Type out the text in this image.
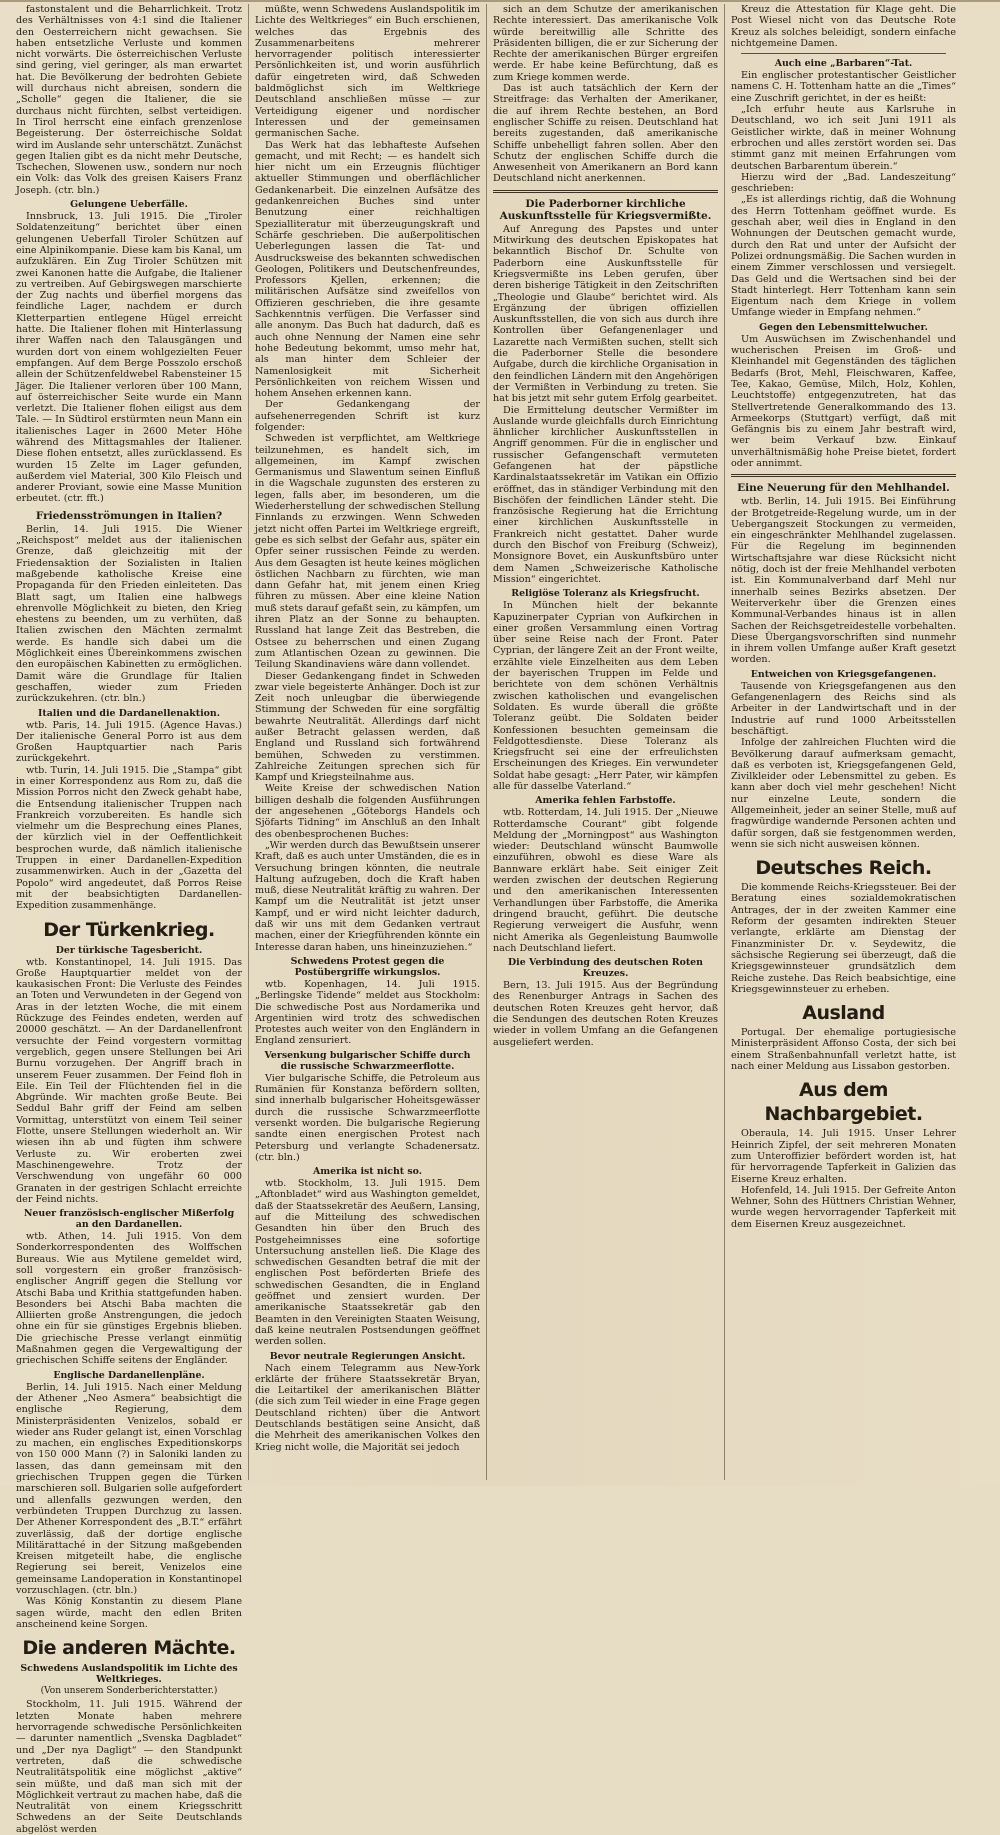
fastonstalent und die Beharrlichkeit. Trotz des Verhältnisses von 4:1 sind die Italiener den Oesterreichern nicht gewachsen. Sie haben entsetzliche Verluste und kommen nicht vorwärts. Die österreichischen Verluste sind gering, viel geringer, als man erwartet hat. Die Bevölkerung der bedrohten Gebiete will durchaus nicht abreisen, sondern die „Scholle“ gegen die Italiener, die sie durchaus nicht fürchten, selbst verteidigen. In Tirol herrscht eine einfach grenzenlose Begeisterung. Der österreichische Soldat wird im Auslande sehr unterschätzt. Zunächst gegen Italien gibt es da nicht mehr Deutsche, Tschechen, Slowenen usw., sondern nur noch ein Volk: das Volk des greisen Kaisers Franz Joseph. (ctr. bln.)

Gelungene Ueberfälle.

Innsbruck, 13. Juli 1915. Die „Tiroler Soldatenzeitung“ berichtet über einen gelungenen Ueberfall Tiroler Schützen auf eine Alpinikompanie. Diese kam bis Kanal, um aufzuklären. Ein Zug Tiroler Schützen mit zwei Kanonen hatte die Aufgabe, die Italiener zu vertreiben. Auf Gebirgswegen marschierte der Zug nachts und überfiel morgens das feindliche Lager, nachdem er durch Kletterpartien entlegene Hügel erreicht hatte. Die Italiener flohen mit Hinterlassung ihrer Waffen nach den Talausgängen und wurden dort von einem wohlgezielten Feuer empfangen. Auf dem Berge Posszolo erschoß allein der Schützenfeldwebel Rabensteiner 15 Jäger. Die Italiener verloren über 100 Mann, auf österreichischer Seite wurde ein Mann verletzt. Die Italiener flohen eiligst aus dem Tale. — In Südtirol erstürmten neun Mann ein italienisches Lager in 2600 Meter Höhe während des Mittagsmahles der Italiener. Diese flohen entsetzt, alles zurücklassend. Es wurden 15 Zelte im Lager gefunden, außerdem viel Material, 300 Kilo Fleisch und anderer Proviant, sowie eine Masse Munition erbeutet. (ctr. fft.)

Friedensströmungen in Italien?

Berlin, 14. Juli 1915. Die Wiener „Reichspost“ meldet aus der italienischen Grenze, daß gleichzeitig mit der Friedensaktion der Sozialisten in Italien maßgebende katholische Kreise eine Propaganda für den Frieden einleiteten. Das Blatt sagt, um Italien eine halbwegs ehrenvolle Möglichkeit zu bieten, den Krieg ehestens zu beenden, um zu verhüten, daß Italien zwischen den Mächten zermalmt werde. Es handle sich dabei um die Möglichkeit eines Übereinkommens zwischen den europäischen Kabinetten zu ermöglichen. Damit wäre die Grundlage für Italien geschaffen, wieder zum Frieden zurückzukehren. (ctr. bln.)

Italien und die Dardanellenaktion.

wtb. Paris, 14. Juli 1915. (Agence Havas.) Der italienische General Porro ist aus dem Großen Hauptquartier nach Paris zurückgekehrt.

wtb. Turin, 14. Juli 1915. Die „Stampa“ gibt in einer Korrespondenz aus Rom zu, daß die Mission Porros nicht den Zweck gehabt habe, die Entsendung italienischer Truppen nach Frankreich vorzubereiten. Es handle sich vielmehr um die Besprechung eines Planes, der kürzlich viel in der Oeffentlichkeit besprochen wurde, daß nämlich italienische Truppen in einer Dardanellen-Expedition zusammenwirken. Auch in der „Gazetta del Popolo“ wird angedeutet, daß Porros Reise mit der beabsichtigten Dardanellen-Expedition zusammenhänge.

Der Türkenkrieg.
Der türkische Tagesbericht.

wtb. Konstantinopel, 14. Juli 1915. Das Große Hauptquartier meldet von der kaukasischen Front: Die Verluste des Feindes an Toten und Verwundeten in der Gegend von Aras in der letzten Woche, die mit einem Rückzuge des Feindes endeten, werden auf 20000 geschätzt. — An der Dardanellenfront versuchte der Feind vorgestern vormittag vergeblich, gegen unsere Stellungen bei Ari Burnu vorzugehen. Der Angriff brach in unserem Feuer zusammen. Der Feind floh in Eile. Ein Teil der Flüchtenden fiel in die Abgründe. Wir machten große Beute. Bei Seddul Bahr griff der Feind am selben Vormittag, unterstützt von einem Teil seiner Flotte, unsere Stellungen wiederholt an. Wir wiesen ihn ab und fügten ihm schwere Verluste zu. Wir eroberten zwei Maschinengewehre. Trotz der Verschwendung von ungefähr 60 000 Granaten in der gestrigen Schlacht erreichte der Feind nichts.

Neuer französisch-englischer Mißerfolg an den Dardanellen.

wtb. Athen, 14. Juli 1915. Von dem Sonderkorrespondenten des Wolffschen Bureaus. Wie aus Mytilene gemeldet wird, soll vorgestern ein großer französisch-englischer Angriff gegen die Stellung vor Atschi Baba und Krithia stattgefunden haben. Besonders bei Atschi Baba machten die Alliierten große Anstrengungen, die jedoch ohne ein für sie günstiges Ergebnis blieben. Die griechische Presse verlangt einmütig Maßnahmen gegen die Vergewaltigung der griechischen Schiffe seitens der Engländer.

Englische Dardanellenpläne.

Berlin, 14. Juli 1915. Nach einer Meldung der Athener „Neo Asmera“ beabsichtigt die englische Regierung, dem Ministerpräsidenten Venizelos, sobald er wieder ans Ruder gelangt ist, einen Vorschlag zu machen, ein englisches Expeditionskorps von 150 000 Mann (?) in Saloniki landen zu lassen, das dann gemeinsam mit den griechischen Truppen gegen die Türken marschieren soll. Bulgarien solle aufgefordert und allenfalls gezwungen werden, den verbündeten Truppen Durchzug zu lassen. Der Athener Korrespondent des „B.T.“ erfährt zuverlässig, daß der dortige englische Militärattaché in der Sitzung maßgebenden Kreisen mitgeteilt habe, die englische Regierung sei bereit, Venizelos eine gemeinsame Landoperation in Konstantinopel vorzuschlagen. (ctr. bln.)

Was König Konstantin zu diesem Plane sagen würde, macht den edlen Briten anscheinend keine Sorgen.

Die anderen Mächte.
Schwedens Auslandspolitik im Lichte des Weltkrieges.
(Von unserem Sonderberichterstatter.)

Stockholm, 11. Juli 1915. Während der letzten Monate haben mehrere hervorragende schwedische Persönlichkeiten — darunter namentlich „Svenska Dagbladet“ und „Der nya Dagligt“ — den Standpunkt vertreten, daß die schwedische Neutralitätspolitik eine möglichst „aktive“ sein müßte, und daß man sich mit der Möglichkeit vertraut zu machen habe, daß die Neutralität von einem Kriegsschritt Schwedens an der Seite Deutschlands abgelöst werden

müßte, wenn Schwedens Auslandspolitik im Lichte des Weltkrieges“ ein Buch erschienen, welches das Ergebnis des Zusammenarbeitens mehrerer hervorragender politisch interessierter Persönlichkeiten ist, und worin ausführlich dafür eingetreten wird, daß Schweden baldmöglichst sich im Weltkriege Deutschland anschließen müsse — zur Verteidigung eigener und nordischer Interessen und der gemeinsamen germanischen Sache.

Das Werk hat das lebhafteste Aufsehen gemacht, und mit Recht; — es handelt sich hier nicht um ein Erzeugnis flüchtiger aktueller Stimmungen und oberflächlicher Gedankenarbeit. Die einzelnen Aufsätze des gedankenreichen Buches sind unter Benutzung einer reichhaltigen Spezialliteratur mit überzeugungskraft und Schärfe geschrieben. Die außerpolitischen Ueberlegungen lassen die Tat- und Ausdrucksweise des bekannten schwedischen Geologen, Politikers und Deutschenfreundes, Professors Kjellen, erkennen; die militärischen Aufsätze sind zweifellos von Offizieren geschrieben, die ihre gesamte Sachkenntnis verfügen. Die Verfasser sind alle anonym. Das Buch hat dadurch, daß es auch ohne Nennung der Namen eine sehr hohe Bedeutung bekommt, umso mehr hat, als man hinter dem Schleier der Namenlosigkeit mit Sicherheit Persönlichkeiten von reichem Wissen und hohem Ansehen erkennen kann.

Der Gedankengang der aufsehenerregenden Schrift ist kurz folgender:

Schweden ist verpflichtet, am Weltkriege teilzunehmen, es handelt sich, im allgemeinen, im Kampf zwischen Germanismus und Slawentum seinen Einfluß in die Wagschale zugunsten des ersteren zu legen, falls aber, im besonderen, um die Wiederherstellung der schwedischen Stellung Finnlands zu erzwingen. Wenn Schweden jetzt nicht offen Partei im Weltkriege ergreift, gebe es sich selbst der Gefahr aus, später ein Opfer seiner russischen Feinde zu werden. Aus dem Gesagten ist heute keines möglichen östlichen Nachbarn zu fürchten, wie man dann Gefahr hat, mit jenem einen Krieg führen zu müssen. Aber eine kleine Nation muß stets darauf gefaßt sein, zu kämpfen, um ihren Platz an der Sonne zu behaupten. Russland hat lange Zeit das Bestreben, die Ostsee zu beherrschen und einen Zugang zum Atlantischen Ozean zu gewinnen. Die Teilung Skandinaviens wäre dann vollendet.

Dieser Gedankengang findet in Schweden zwar viele begeisterte Anhänger. Doch ist zur Zeit noch unleugbar die überwiegende Stimmung der Schweden für eine sorgfältig bewahrte Neutralität. Allerdings darf nicht außer Betracht gelassen werden, daß England und Russland sich fortwährend bemühen, Schweden zu verstimmen. Zahlreiche Zeitungen sprechen sich für Kampf und Kriegsteilnahme aus.

Weite Kreise der schwedischen Nation billigen deshalb die folgenden Ausführungen der angesehenen „Göteborgs Handels och Sjöfarts Tidning“ im Anschluß an den Inhalt des obenbesprochenen Buches:

„Wir werden durch das Bewußtsein unserer Kraft, daß es auch unter Umständen, die es in Versuchung bringen könnten, die neutrale Haltung aufzugeben, doch die Kraft haben muß, diese Neutralität kräftig zu wahren. Der Kampf um die Neutralität ist jetzt unser Kampf, und er wird nicht leichter dadurch, daß wir uns mit dem Gedanken vertraut machen, einer der Kriegführenden könnte ein Interesse daran haben, uns hineinzuziehen.“

Schwedens Protest gegen die Postübergriffe wirkungslos.

wtb. Kopenhagen, 14. Juli 1915. „Berlingske Tidende“ meldet aus Stockholm: Die schwedische Post aus Nordamerika und Argentinien wird trotz des schwedischen Protestes auch weiter von den Engländern in England zensuriert.

Versenkung bulgarischer Schiffe durch die russische Schwarzmeerflotte.

Vier bulgarische Schiffe, die Petroleum aus Rumänien für Konstanza befördern sollten, sind innerhalb bulgarischer Hoheitsgewässer durch die russische Schwarzmeerflotte versenkt worden. Die bulgarische Regierung sandte einen energischen Protest nach Petersburg und verlangte Schadenersatz. (ctr. bln.)

Amerika ist nicht so.

wtb. Stockholm, 13. Juli 1915. Dem „Aftonbladet“ wird aus Washington gemeldet, daß der Staatssekretär des Aeußern, Lansing, auf die Mitteilung des schwedischen Gesandten hin über den Bruch des Postgeheimnisses eine sofortige Untersuchung anstellen ließ. Die Klage des schwedischen Gesandten betraf die mit der englischen Post beförderten Briefe des schwedischen Gesandten, die in England geöffnet und zensiert wurden. Der amerikanische Staatssekretär gab den Beamten in den Vereinigten Staaten Weisung, daß keine neutralen Postsendungen geöffnet werden sollen.

Bevor neutrale Regierungen Ansicht.

Nach einem Telegramm aus New-York erklärte der frühere Staatssekretär Bryan, die Leitartikel der amerikanischen Blätter (die sich zum Teil wieder in eine Frage gegen Deutschland richten) über die Antwort Deutschlands bestätigen seine Ansicht, daß die Mehrheit des amerikanischen Volkes den Krieg nicht wolle, die Majorität sei jedoch

sich an dem Schutze der amerikanischen Rechte interessiert. Das amerikanische Volk würde bereitwillig alle Schritte des Präsidenten billigen, die er zur Sicherung der Rechte der amerikanischen Bürger ergreifen werde. Er habe keine Befürchtung, daß es zum Kriege kommen werde.

Das ist auch tatsächlich der Kern der Streitfrage: das Verhalten der Amerikaner, die auf ihrem Rechte bestehen, an Bord englischer Schiffe zu reisen. Deutschland hat bereits zugestanden, daß amerikanische Schiffe unbehelligt fahren sollen. Aber den Schutz der englischen Schiffe durch die Anwesenheit von Amerikanern an Bord kann Deutschland nicht anerkennen.

Die Paderborner kirchliche Auskunftsstelle für Kriegsvermißte.

Auf Anregung des Papstes und unter Mitwirkung des deutschen Episkopates hat bekanntlich Bischof Dr. Schulte von Paderborn eine Auskunftsstelle für Kriegsvermißte ins Leben gerufen, über deren bisherige Tätigkeit in den Zeitschriften „Theologie und Glaube“ berichtet wird. Als Ergänzung der übrigen offiziellen Auskunftsstellen, die von sich aus durch ihre Kontrollen über Gefangenenlager und Lazarette nach Vermißten suchen, stellt sich die Paderborner Stelle die besondere Aufgabe, durch die kirchliche Organisation in den feindlichen Ländern mit den Angehörigen der Vermißten in Verbindung zu treten. Sie hat bis jetzt mit sehr gutem Erfolg gearbeitet.

Die Ermittelung deutscher Vermißter im Auslande wurde gleichfalls durch Einrichtung ähnlicher kirchlicher Auskunftsstellen in Angriff genommen. Für die in englischer und russischer Gefangenschaft vermuteten Gefangenen hat der päpstliche Kardinalstaatssekretär im Vatikan ein Offizio eröffnet, das in ständiger Verbindung mit den Bischöfen der feindlichen Länder steht. Die französische Regierung hat die Errichtung einer kirchlichen Auskunftsstelle in Frankreich nicht gestattet. Daher wurde durch den Bischof von Freiburg (Schweiz), Monsignore Bovet, ein Auskunftsbüro unter dem Namen „Schweizerische Katholische Mission“ eingerichtet.

Religiöse Toleranz als Kriegsfrucht.

In München hielt der bekannte Kapuzinerpater Cyprian von Aufkirchen in einer großen Versammlung einen Vortrag über seine Reise nach der Front. Pater Cyprian, der längere Zeit an der Front weilte, erzählte viele Einzelheiten aus dem Leben der bayerischen Truppen im Felde und berichtete von dem schönen Verhältnis zwischen katholischen und evangelischen Soldaten. Es wurde überall die größte Toleranz geübt. Die Soldaten beider Konfessionen besuchten gemeinsam die Feldgottesdienste. Diese Toleranz als Kriegsfrucht sei eine der erfreulichsten Erscheinungen des Krieges. Ein verwundeter Soldat habe gesagt: „Herr Pater, wir kämpfen alle für dasselbe Vaterland.“

Amerika fehlen Farbstoffe.

wtb. Rotterdam, 14. Juli 1915. Der „Nieuwe Rotterdamsche Courant“ gibt folgende Meldung der „Morningpost“ aus Washington wieder: Deutschland wünscht Baumwolle einzuführen, obwohl es diese Ware als Bannware erklärt habe. Seit einiger Zeit werden zwischen der deutschen Regierung und den amerikanischen Interessenten Verhandlungen über Farbstoffe, die Amerika dringend braucht, geführt. Die deutsche Regierung verweigert die Ausfuhr, wenn nicht Amerika als Gegenleistung Baumwolle nach Deutschland liefert.

Die Verbindung des deutschen Roten Kreuzes.

Bern, 13. Juli 1915. Aus der Begründung des Renenburger Antrags in Sachen des deutschen Roten Kreuzes geht hervor, daß die Sendungen des deutschen Roten Kreuzes wieder in vollem Umfang an die Gefangenen ausgeliefert werden.

Kreuz die Attestation für Klage geht. Die Post Wiesel nicht von das Deutsche Rote Kreuz als solches beleidigt, sondern einfache nichtgemeine Damen.

Auch eine „Barbaren“-Tat.

Ein englischer protestantischer Geistlicher namens C. H. Tottenham hatte an die „Times“ eine Zuschrift gerichtet, in der es heißt:

„Ich erfuhr heute aus Karlsruhe in Deutschland, wo ich seit Juni 1911 als Geistlicher wirkte, daß in meiner Wohnung erbrochen und alles zerstört worden sei. Das stimmt ganz mit meinen Erfahrungen vom deutschen Barbarentum überein.“

Hierzu wird der „Bad. Landeszeitung“ geschrieben:

„Es ist allerdings richtig, daß die Wohnung des Herrn Tottenham geöffnet wurde. Es geschah aber, weil dies in England in den Wohnungen der Deutschen gemacht wurde, durch den Rat und unter der Aufsicht der Polizei ordnungsmäßig. Die Sachen wurden in einem Zimmer verschlossen und versiegelt. Das Geld und die Wertsachen sind bei der Stadt hinterlegt. Herr Tottenham kann sein Eigentum nach dem Kriege in vollem Umfange wieder in Empfang nehmen.“

Gegen den Lebensmittelwucher.

Um Auswüchsen im Zwischenhandel und wucherischen Preisen im Groß- und Kleinhandel mit Gegenständen des täglichen Bedarfs (Brot, Mehl, Fleischwaren, Kaffee, Tee, Kakao, Gemüse, Milch, Holz, Kohlen, Leuchtstoffe) entgegenzutreten, hat das Stellvertretende Generalkommando des 13. Armeekorps (Stuttgart) verfügt, daß mit Gefängnis bis zu einem Jahr bestraft wird, wer beim Verkauf bzw. Einkauf unverhältnismäßig hohe Preise bietet, fordert oder annimmt.

Eine Neuerung für den Mehlhandel.

wtb. Berlin, 14. Juli 1915. Bei Einführung der Brotgetreide-Regelung wurde, um in der Uebergangszeit Stockungen zu vermeiden, ein eingeschränkter Mehlhandel zugelassen. Für die Regelung im beginnenden Wirtschaftsjahre war diese Rücksicht nicht nötig, doch ist der freie Mehlhandel verboten ist. Ein Kommunalverband darf Mehl nur innerhalb seines Bezirks absetzen. Der Weiterverkehr über die Grenzen eines Kommunal-Verbandes hinaus ist in allen Sachen der Reichsgetreidestelle vorbehalten. Diese Übergangsvorschriften sind nunmehr in ihrem vollen Umfange außer Kraft gesetzt worden.

Entweichen von Kriegsgefangenen.

Tausende von Kriegsgefangenen aus den Gefangenenlagern des Reichs sind als Arbeiter in der Landwirtschaft und in der Industrie auf rund 1000 Arbeitsstellen beschäftigt.

Infolge der zahlreichen Fluchten wird die Bevölkerung darauf aufmerksam gemacht, daß es verboten ist, Kriegsgefangenen Geld, Zivilkleider oder Lebensmittel zu geben. Es kann aber doch viel mehr geschehen! Nicht nur einzelne Leute, sondern die Allgemeinheit, jeder an seiner Stelle, muß auf fragwürdige wandernde Personen achten und dafür sorgen, daß sie festgenommen werden, wenn sie sich nicht ausweisen können.

Deutsches Reich.

Die kommende Reichs-Kriegssteuer. Bei der Beratung eines sozialdemokratischen Antrages, der in der zweiten Kammer eine Reform der gesamten indirekten Steuer verlangte, erklärte am Dienstag der Finanzminister Dr. v. Seydewitz, die sächsische Regierung sei überzeugt, daß die Kriegsgewinnsteuer grundsätzlich dem Reiche zustehe. Das Reich beabsichtige, eine Kriegsgewinnsteuer zu erheben.

Ausland

Portugal. Der ehemalige portugiesische Ministerpräsident Affonso Costa, der sich bei einem Straßenbahnunfall verletzt hatte, ist nach einer Meldung aus Lissabon gestorben.

Aus dem Nachbargebiet.

Oberaula, 14. Juli 1915. Unser Lehrer Heinrich Zipfel, der seit mehreren Monaten zum Unteroffizier befördert worden ist, hat für hervorragende Tapferkeit in Galizien das Eiserne Kreuz erhalten.

Hofenfeld, 14. Juli 1915. Der Gefreite Anton Wehner, Sohn des Hüttners Christian Wehner, wurde wegen hervorragender Tapferkeit mit dem Eisernen Kreuz ausgezeichnet.
